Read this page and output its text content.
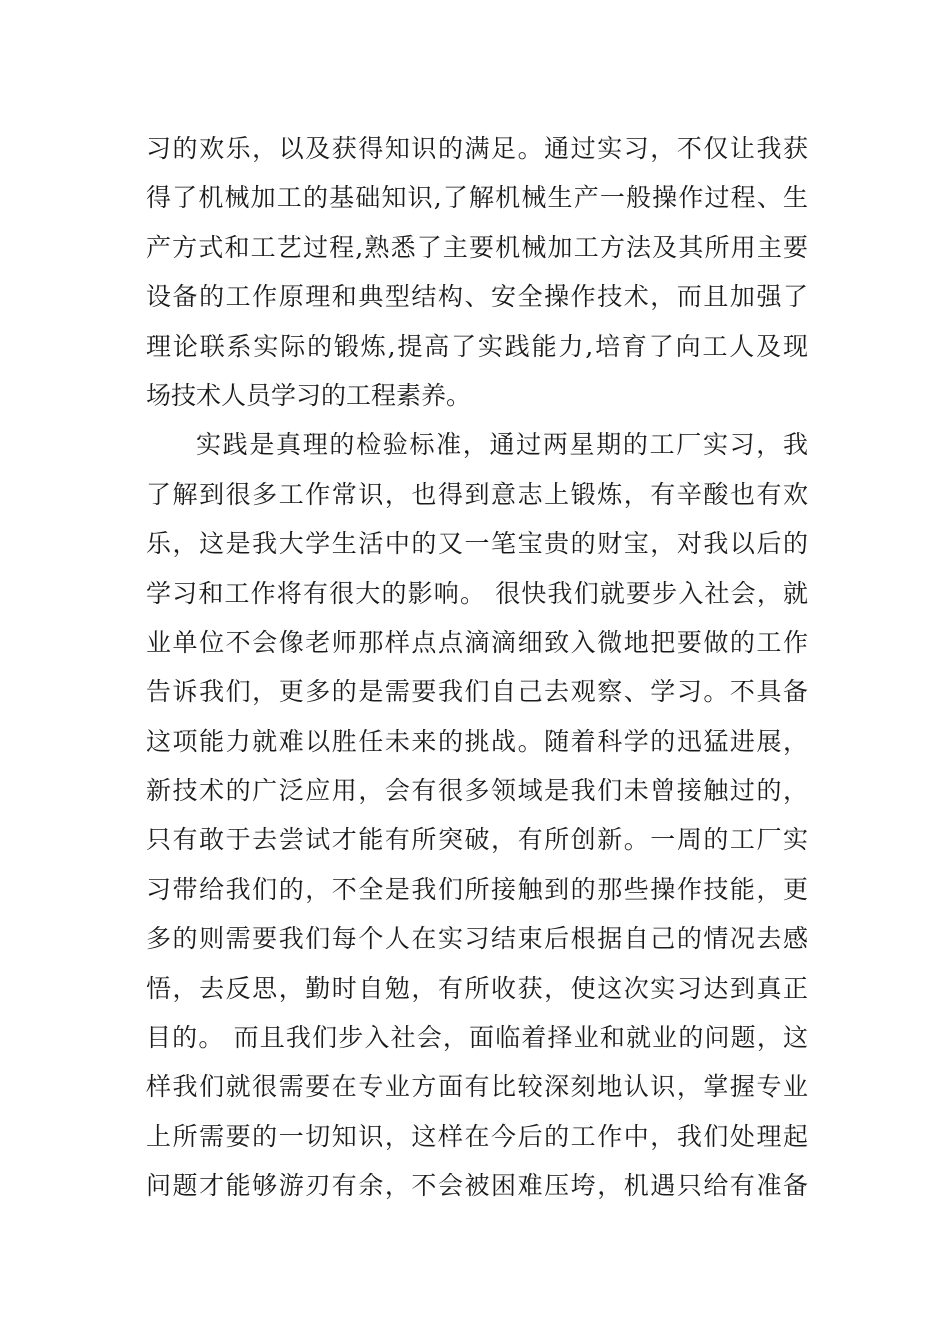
习的欢乐，以及获得知识的满足。通过实习，不仅让我获
得了机械加工的基础知识,了解机械生产一般操作过程、生
产方式和工艺过程,熟悉了主要机械加工方法及其所用主要
设备的工作原理和典型结构、安全操作技术，而且加强了
理论联系实际的锻炼,提高了实践能力,培育了向工人及现
场技术人员学习的工程素养。
实践是真理的检验标准，通过两星期的工厂实习，我
了解到很多工作常识，也得到意志上锻炼，有辛酸也有欢
乐，这是我大学生活中的又一笔宝贵的财宝，对我以后的
学习和工作将有很大的影响。 很快我们就要步入社会，就
业单位不会像老师那样点点滴滴细致入微地把要做的工作
告诉我们，更多的是需要我们自己去观察、学习。不具备
这项能力就难以胜任未来的挑战。随着科学的迅猛进展，
新技术的广泛应用，会有很多领域是我们未曾接触过的，
只有敢于去尝试才能有所突破，有所创新。一周的工厂实
习带给我们的，不全是我们所接触到的那些操作技能，更
多的则需要我们每个人在实习结束后根据自己的情况去感
悟，去反思，勤时自勉，有所收获，使这次实习达到真正
目的。 而且我们步入社会，面临着择业和就业的问题，这
样我们就很需要在专业方面有比较深刻地认识，掌握专业
上所需要的一切知识，这样在今后的工作中，我们处理起
问题才能够游刃有余，不会被困难压垮，机遇只给有准备
